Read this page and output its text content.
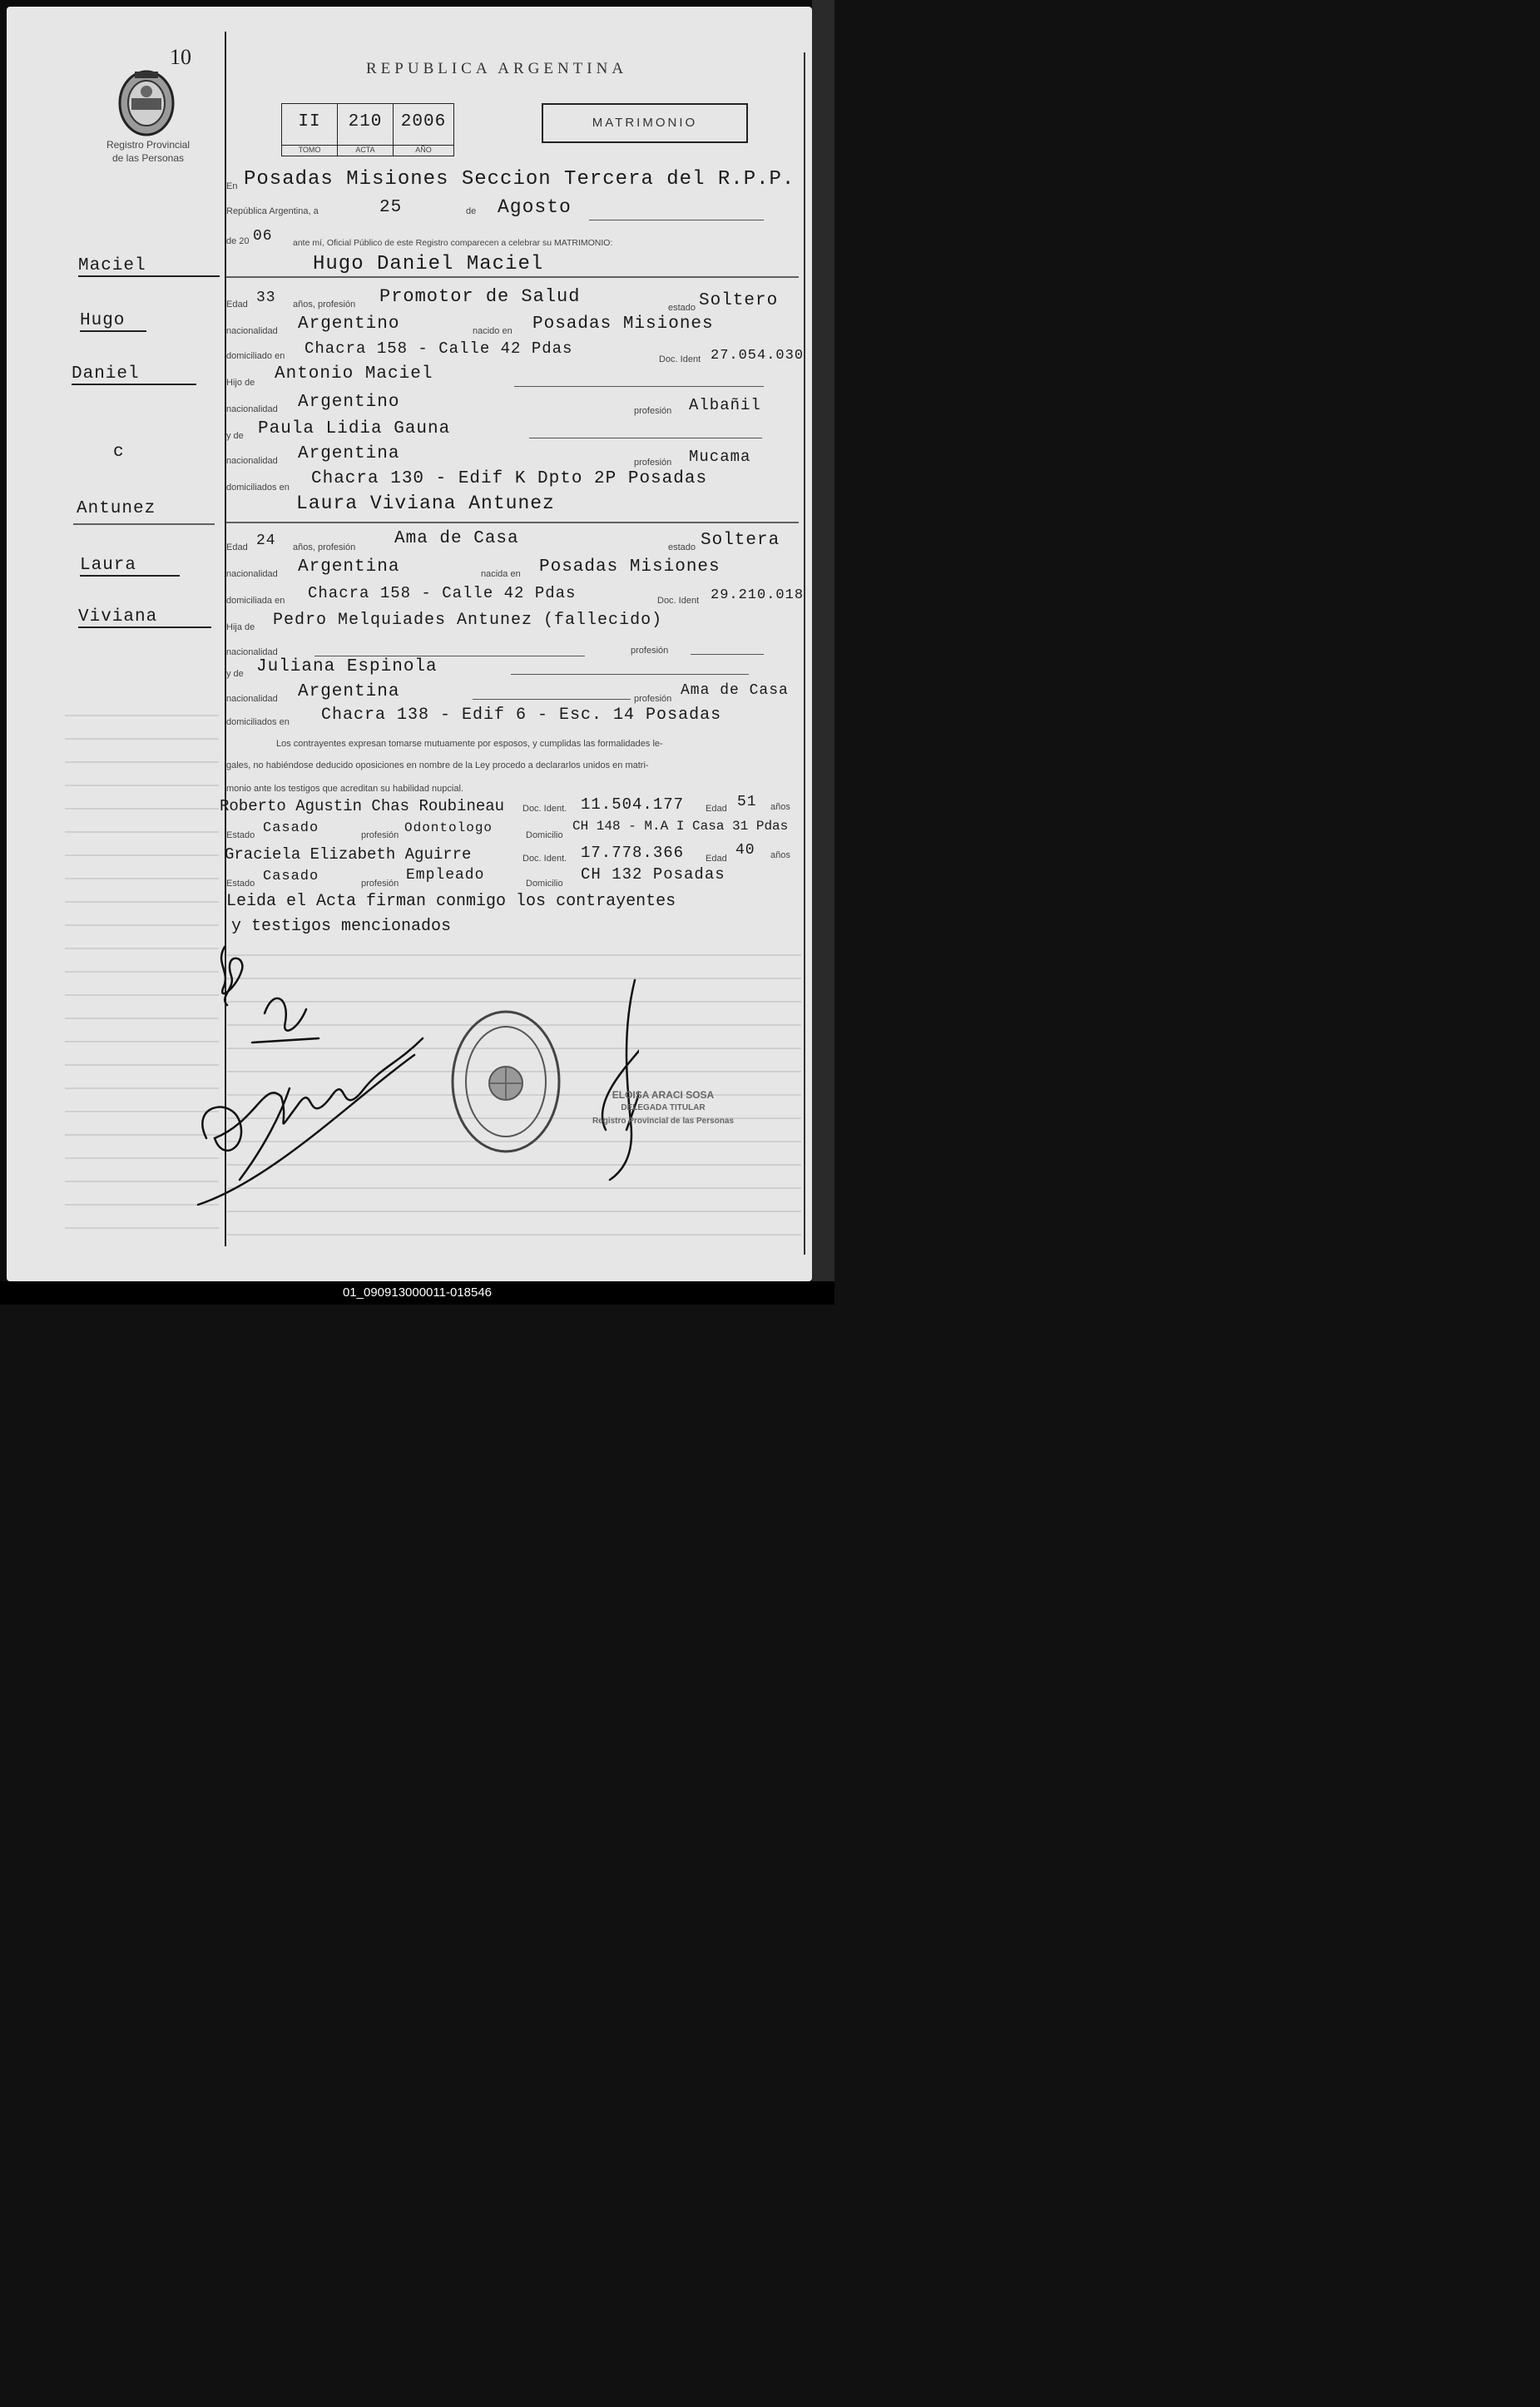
Registro Provincial
de las Personas
10	REPUBLICA ARGENTINA
II
TOMO
210
ACTA
2006
AÑO
MATRIMONIO
En Posadas Misiones Seccion Tercera del R.P.P.
República Argentina, a	25	de Agosto
de 20 06 ante mí, Oficial Público de este Registro comparecen a celebrar su MATRIMONIO:
Hugo Daniel Maciel
Edad 33 años, profesión Promotor de Salud
estado Soltero
nacionalidad Argentino	nacido en Posadas Misiones
domiciliado en Chacra 158 - Calle 42 Pdas
Doc. Ident 27.054.030
Hijo de Antonio Maciel
nacionalidad Argentino	profesión Albañil
y de Paula Lidia Gauna
nacionalidad Argentina	profesión Mucama
domiciliados en Chacra 130 - Edif K Dpto 2P Posadas
Laura Viviana Antunez
Edad 24 años, profesión Ama de Casa	estado Soltera
nacionalidad Argentina	nacida en Posadas Misiones
domiciliada en Chacra 158 - Calle 42 Pdas	Doc. Ident 29.210.018
Hija de Pedro Melquiades Antunez (fallecido)
nacionalidad	profesión
y de Juliana Espinola
nacionalidad Argentina	profesión Ama de Casa
domiciliados en Chacra 138 - Edif 6 - Esc. 14 Posadas
Los contrayentes expresan tomarse mutuamente por esposos, y cumplidas las formalidades le-
gales, no habiéndose deducido oposiciones en nombre de la Ley procedo a declararlos unidos en matri-
monio ante los testigos que acreditan su habilidad nupcial.
Roberto Agustin Chas Roubineau Doc. Ident. 11.504.177 Edad 51 años
Estado Casado	profesión Odontologo	Domicilio
CH 148 - M.A I Casa 31 Pdas
Graciela Elizabeth Aguirre	Doc. Ident. 17.778.366 Edad 40 años
Estado Casado	profesión Empleado	Domicilio CH 132 Posadas
Leida el Acta firman conmigo los contrayentes
y testigos mencionados
Maciel
Hugo
Daniel
c
Antunez
Laura
Viviana
ELOISA ARACI SOSA
DELEGADA TITULAR
Registro Provincial de las Personas
01_090913000011-018546
